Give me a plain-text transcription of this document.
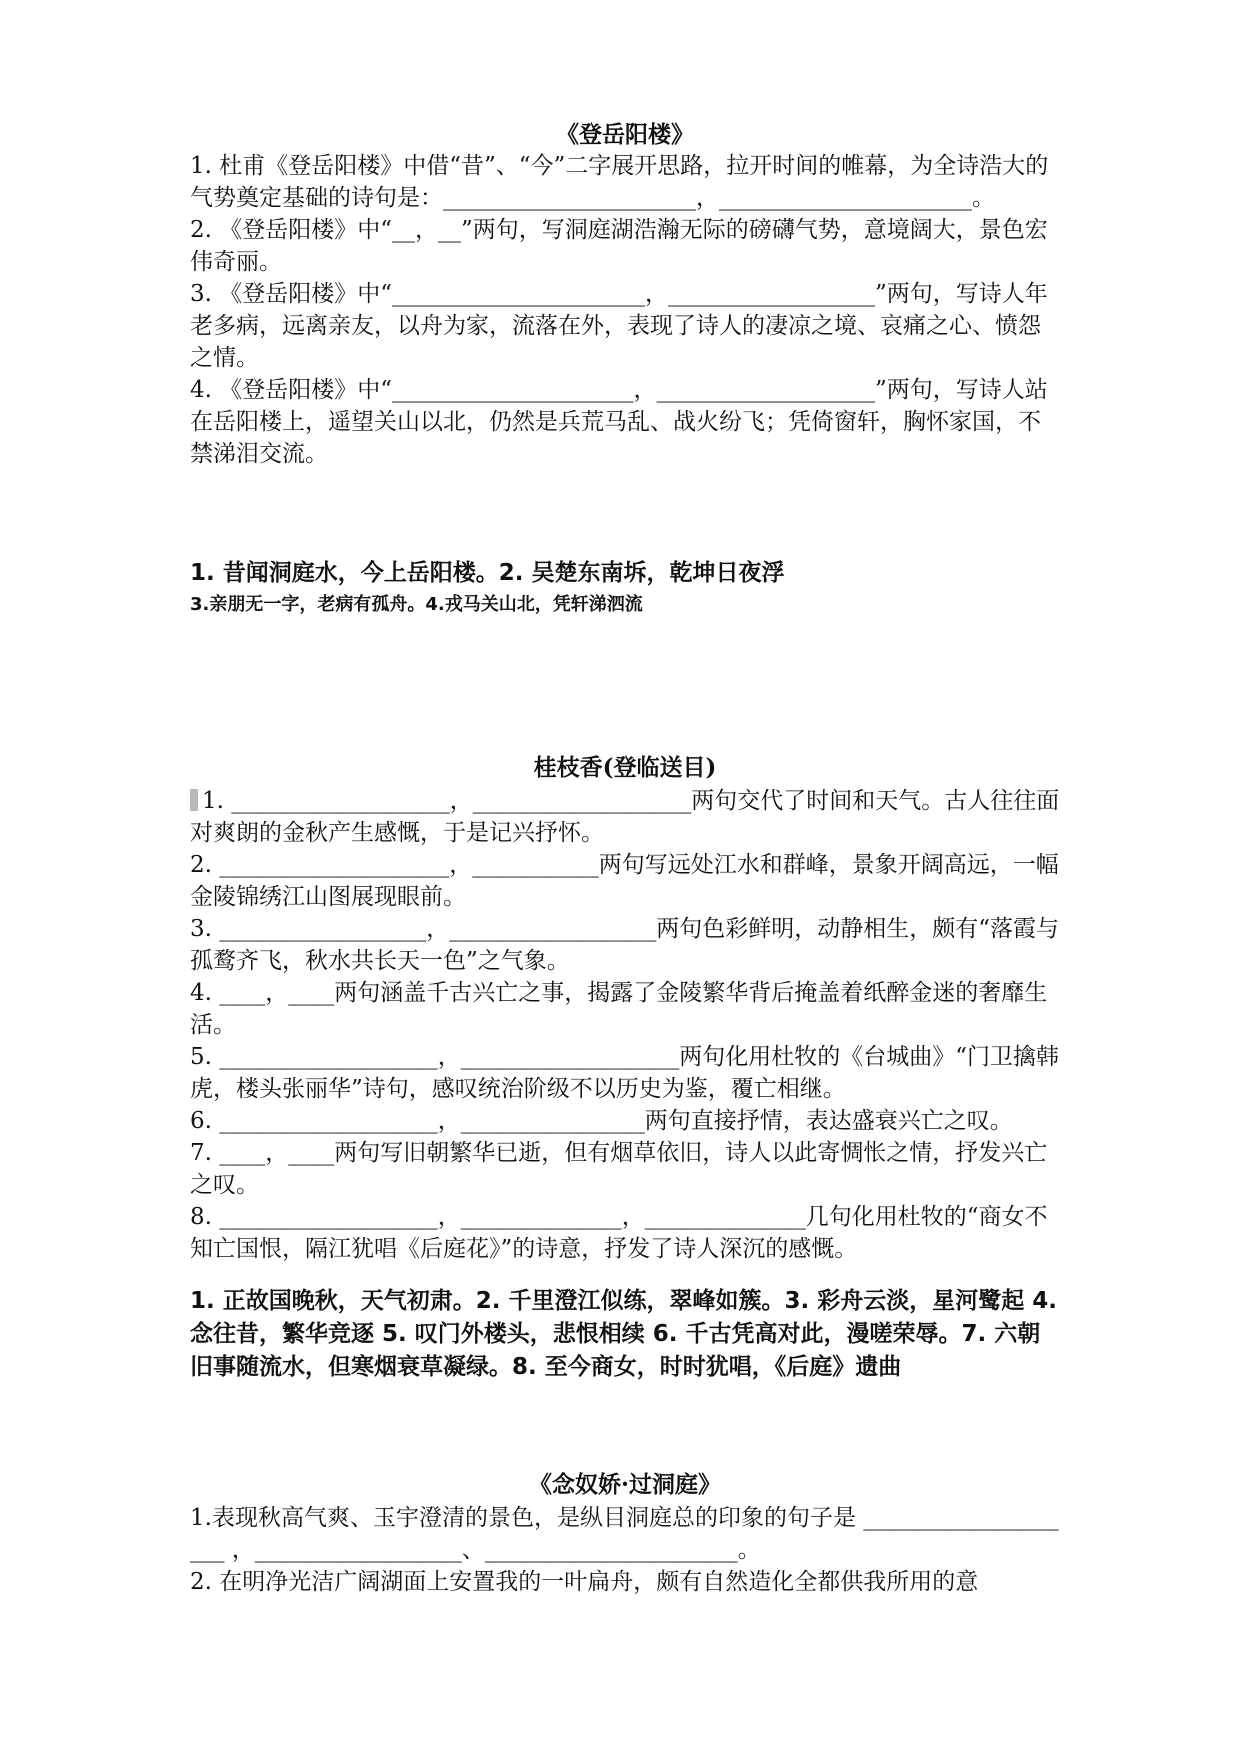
《登岳阳楼》

1. 杜甫《登岳阳楼》中借“昔”、“今”二字展开思路，拉开时间的帷幕，为全诗浩大的气势奠定基础的诗句是：______________________，______________________。

2. 《登岳阳楼》中“__，__”两句，写洞庭湖浩瀚无际的磅礴气势，意境阔大，景色宏伟奇丽。

3. 《登岳阳楼》中“______________________，__________________”两句，写诗人年老多病，远离亲友，以舟为家，流落在外，表现了诗人的凄凉之境、哀痛之心、愤怨之情。

4. 《登岳阳楼》中“_____________________，___________________”两句，写诗人站在岳阳楼上，遥望关山以北，仍然是兵荒马乱、战火纷飞；凭倚窗轩，胸怀家国，不禁涕泪交流。

1. 昔闻洞庭水，今上岳阳楼。2. 吴楚东南坼，乾坤日夜浮

3.亲朋无一字，老病有孤舟。4.戎马关山北，凭轩涕泗流

桂枝香(登临送目)

1. ___________________，___________________两句交代了时间和天气。古人往往面对爽朗的金秋产生感慨，于是记兴抒怀。

2. ____________________，___________两句写远处江水和群峰，景象开阔高远，一幅金陵锦绣江山图展现眼前。

3. __________________，__________________两句色彩鲜明，动静相生，颇有“落霞与孤鹜齐飞，秋水共长天一色”之气象。

4. ____，____两句涵盖千古兴亡之事，揭露了金陵繁华背后掩盖着纸醉金迷的奢靡生活。

5. ___________________，___________________两句化用杜牧的《台城曲》“门卫擒韩虎，楼头张丽华”诗句，感叹统治阶级不以历史为鉴，覆亡相继。

6. ___________________，________________两句直接抒情，表达盛衰兴亡之叹。

7. ____，____两句写旧朝繁华已逝，但有烟草依旧，诗人以此寄惆怅之情，抒发兴亡之叹。

8. ___________________，______________，______________几句化用杜牧的“商女不知亡国恨，隔江犹唱《后庭花》”的诗意，抒发了诗人深沉的感慨。

1. 正故国晚秋，天气初肃。2. 千里澄江似练，翠峰如簇。3. 彩舟云淡，星河鹭起 4. 念往昔，繁华竞逐 5. 叹门外楼头，悲恨相续 6. 千古凭高对此，漫嗟荣辱。7. 六朝旧事随流水，但寒烟衰草凝绿。8. 至今商女，时时犹唱，《后庭》遗曲

《念奴娇·过洞庭》

1.表现秋高气爽、玉宇澄清的景色，是纵目洞庭总的印象的句子是 ____________________ ，__________________、______________________。

2. 在明净光洁广阔湖面上安置我的一叶扁舟，颇有自然造化全都供我所用的意
